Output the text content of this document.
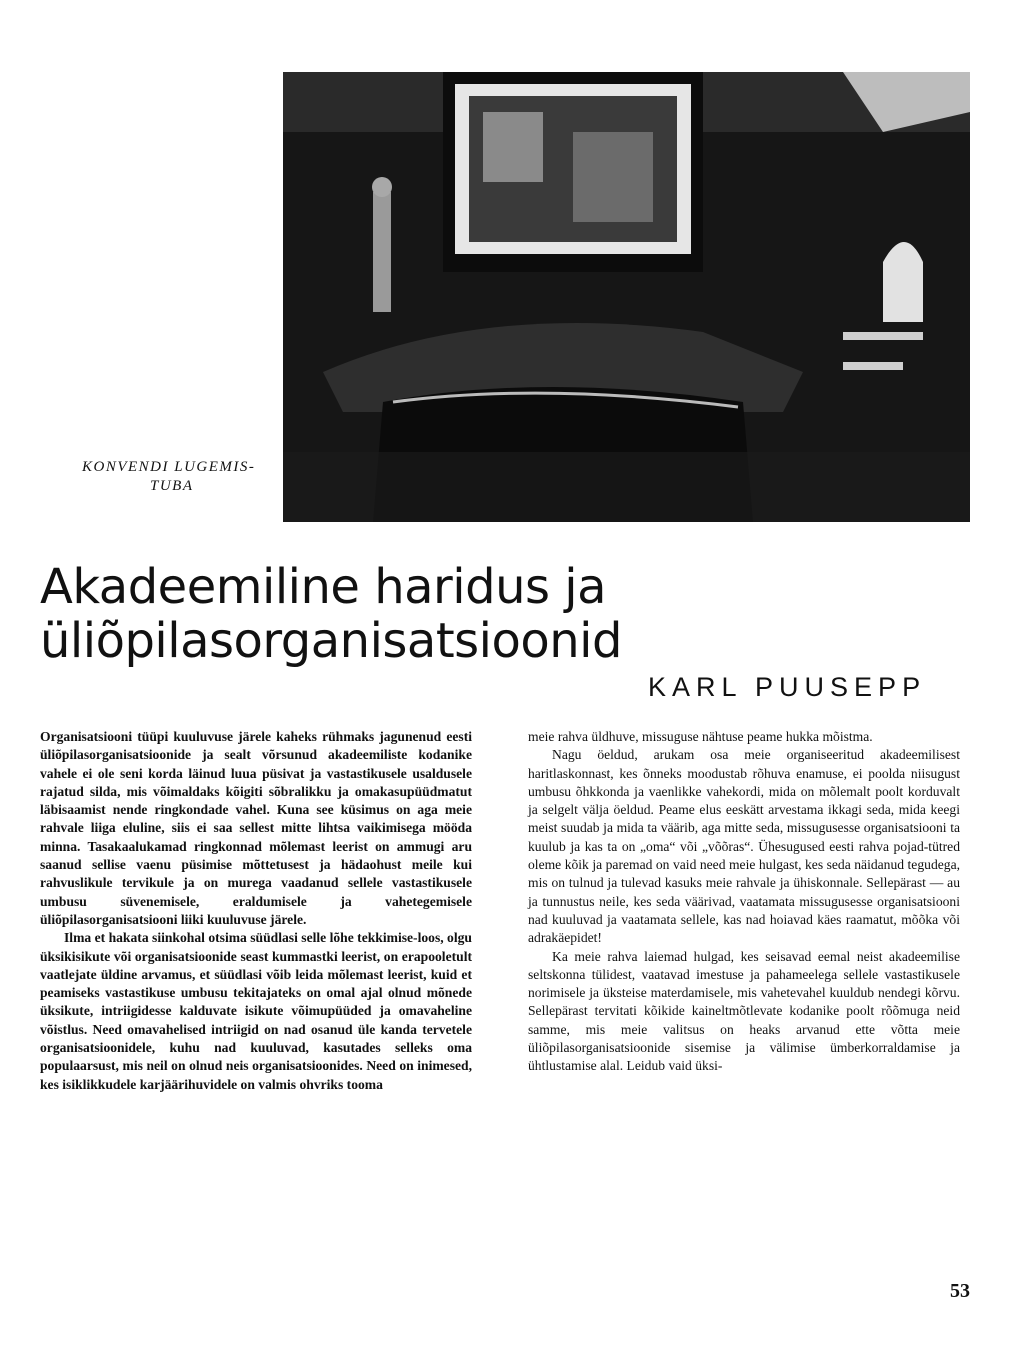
KONVENDI LUGEMIS-
TUBA
Akadeemiline haridus ja
üliõpilasorganisatsioonid
KARL PUUSEPP

Organisatsiooni tüüpi kuuluvuse järele kaheks rühmaks jagunenud eesti üliõpilasorganisatsioonide ja sealt võrsunud akadeemiliste kodanike vahele ei ole seni korda läinud luua püsivat ja vastastikusele usaldusele rajatud silda, mis võimaldaks kõigiti sõbralikku ja omakasupüüdmatut läbisaamist nende ringkondade vahel. Kuna see küsimus on aga meie rahvale liiga eluline, siis ei saa sellest mitte lihtsa vaikimisega mööda minna. Tasakaalukamad ringkonnad mõlemast leerist on ammugi aru saanud sellise vaenu püsimise mõttetusest ja hädaohust meile kui rahvuslikule tervikule ja on murega vaadanud sellele vastastikusele umbusu süvenemisele, eraldumisele ja vahetegemisele üliõpilasorganisatsiooni liiki kuuluvuse järele.

Ilma et hakata siinkohal otsima süüdlasi selle lõhe tekkimise-loos, olgu üksikisikute või organisatsioonide seast kummastki leerist, on erapooletult vaatlejate üldine arvamus, et süüdlasi võib leida mõlemast leerist, kuid et peamiseks vastastikuse umbusu tekitajateks on omal ajal olnud mõnede üksikute, intriigidesse kalduvate isikute võimupüüded ja omavaheline võistlus. Need omavahelised intriigid on nad osanud üle kanda tervetele organisatsioonidele, kuhu nad kuuluvad, kasutades selleks oma populaarsust, mis neil on olnud neis organisatsioonides. Need on inimesed, kes isiklikkudele karjäärihuvidele on valmis ohvriks tooma

meie rahva üldhuve, missuguse nähtuse peame hukka mõistma.

Nagu öeldud, arukam osa meie organiseeritud akadeemilisest haritlaskonnast, kes õnneks moodustab rõhuva enamuse, ei poolda niisugust umbusu õhkkonda ja vaenlikke vahekordi, mida on mõlemalt poolt korduvalt ja selgelt välja öeldud. Peame elus eeskätt arvestama ikkagi seda, mida keegi meist suudab ja mida ta väärib, aga mitte seda, missugusesse organisatsiooni ta kuulub ja kas ta on „oma“ või „võõras“. Ühesugused eesti rahva pojad-tütred oleme kõik ja paremad on vaid need meie hulgast, kes seda näidanud tegudega, mis on tulnud ja tulevad kasuks meie rahvale ja ühiskonnale. Sellepärast — au ja tunnustus neile, kes seda väärivad, vaatamata missugusesse organisatsiooni nad kuuluvad ja vaatamata sellele, kas nad hoiavad käes raamatut, mõõka või adrakäepidet!

Ka meie rahva laiemad hulgad, kes seisavad eemal neist akadeemilise seltskonna tülidest, vaatavad imestuse ja pahameelega sellele vastastikusele norimisele ja üksteise materdamisele, mis vahetevahel kuuldub nendegi kõrvu. Sellepärast tervitati kõikide kaineltmõtlevate kodanike poolt rõõmuga neid samme, mis meie valitsus on heaks arvanud ette võtta meie üliõpilasorganisatsioonide sisemise ja välimise ümberkorraldamise ja ühtlustamise alal. Leidub vaid üksi-

53
